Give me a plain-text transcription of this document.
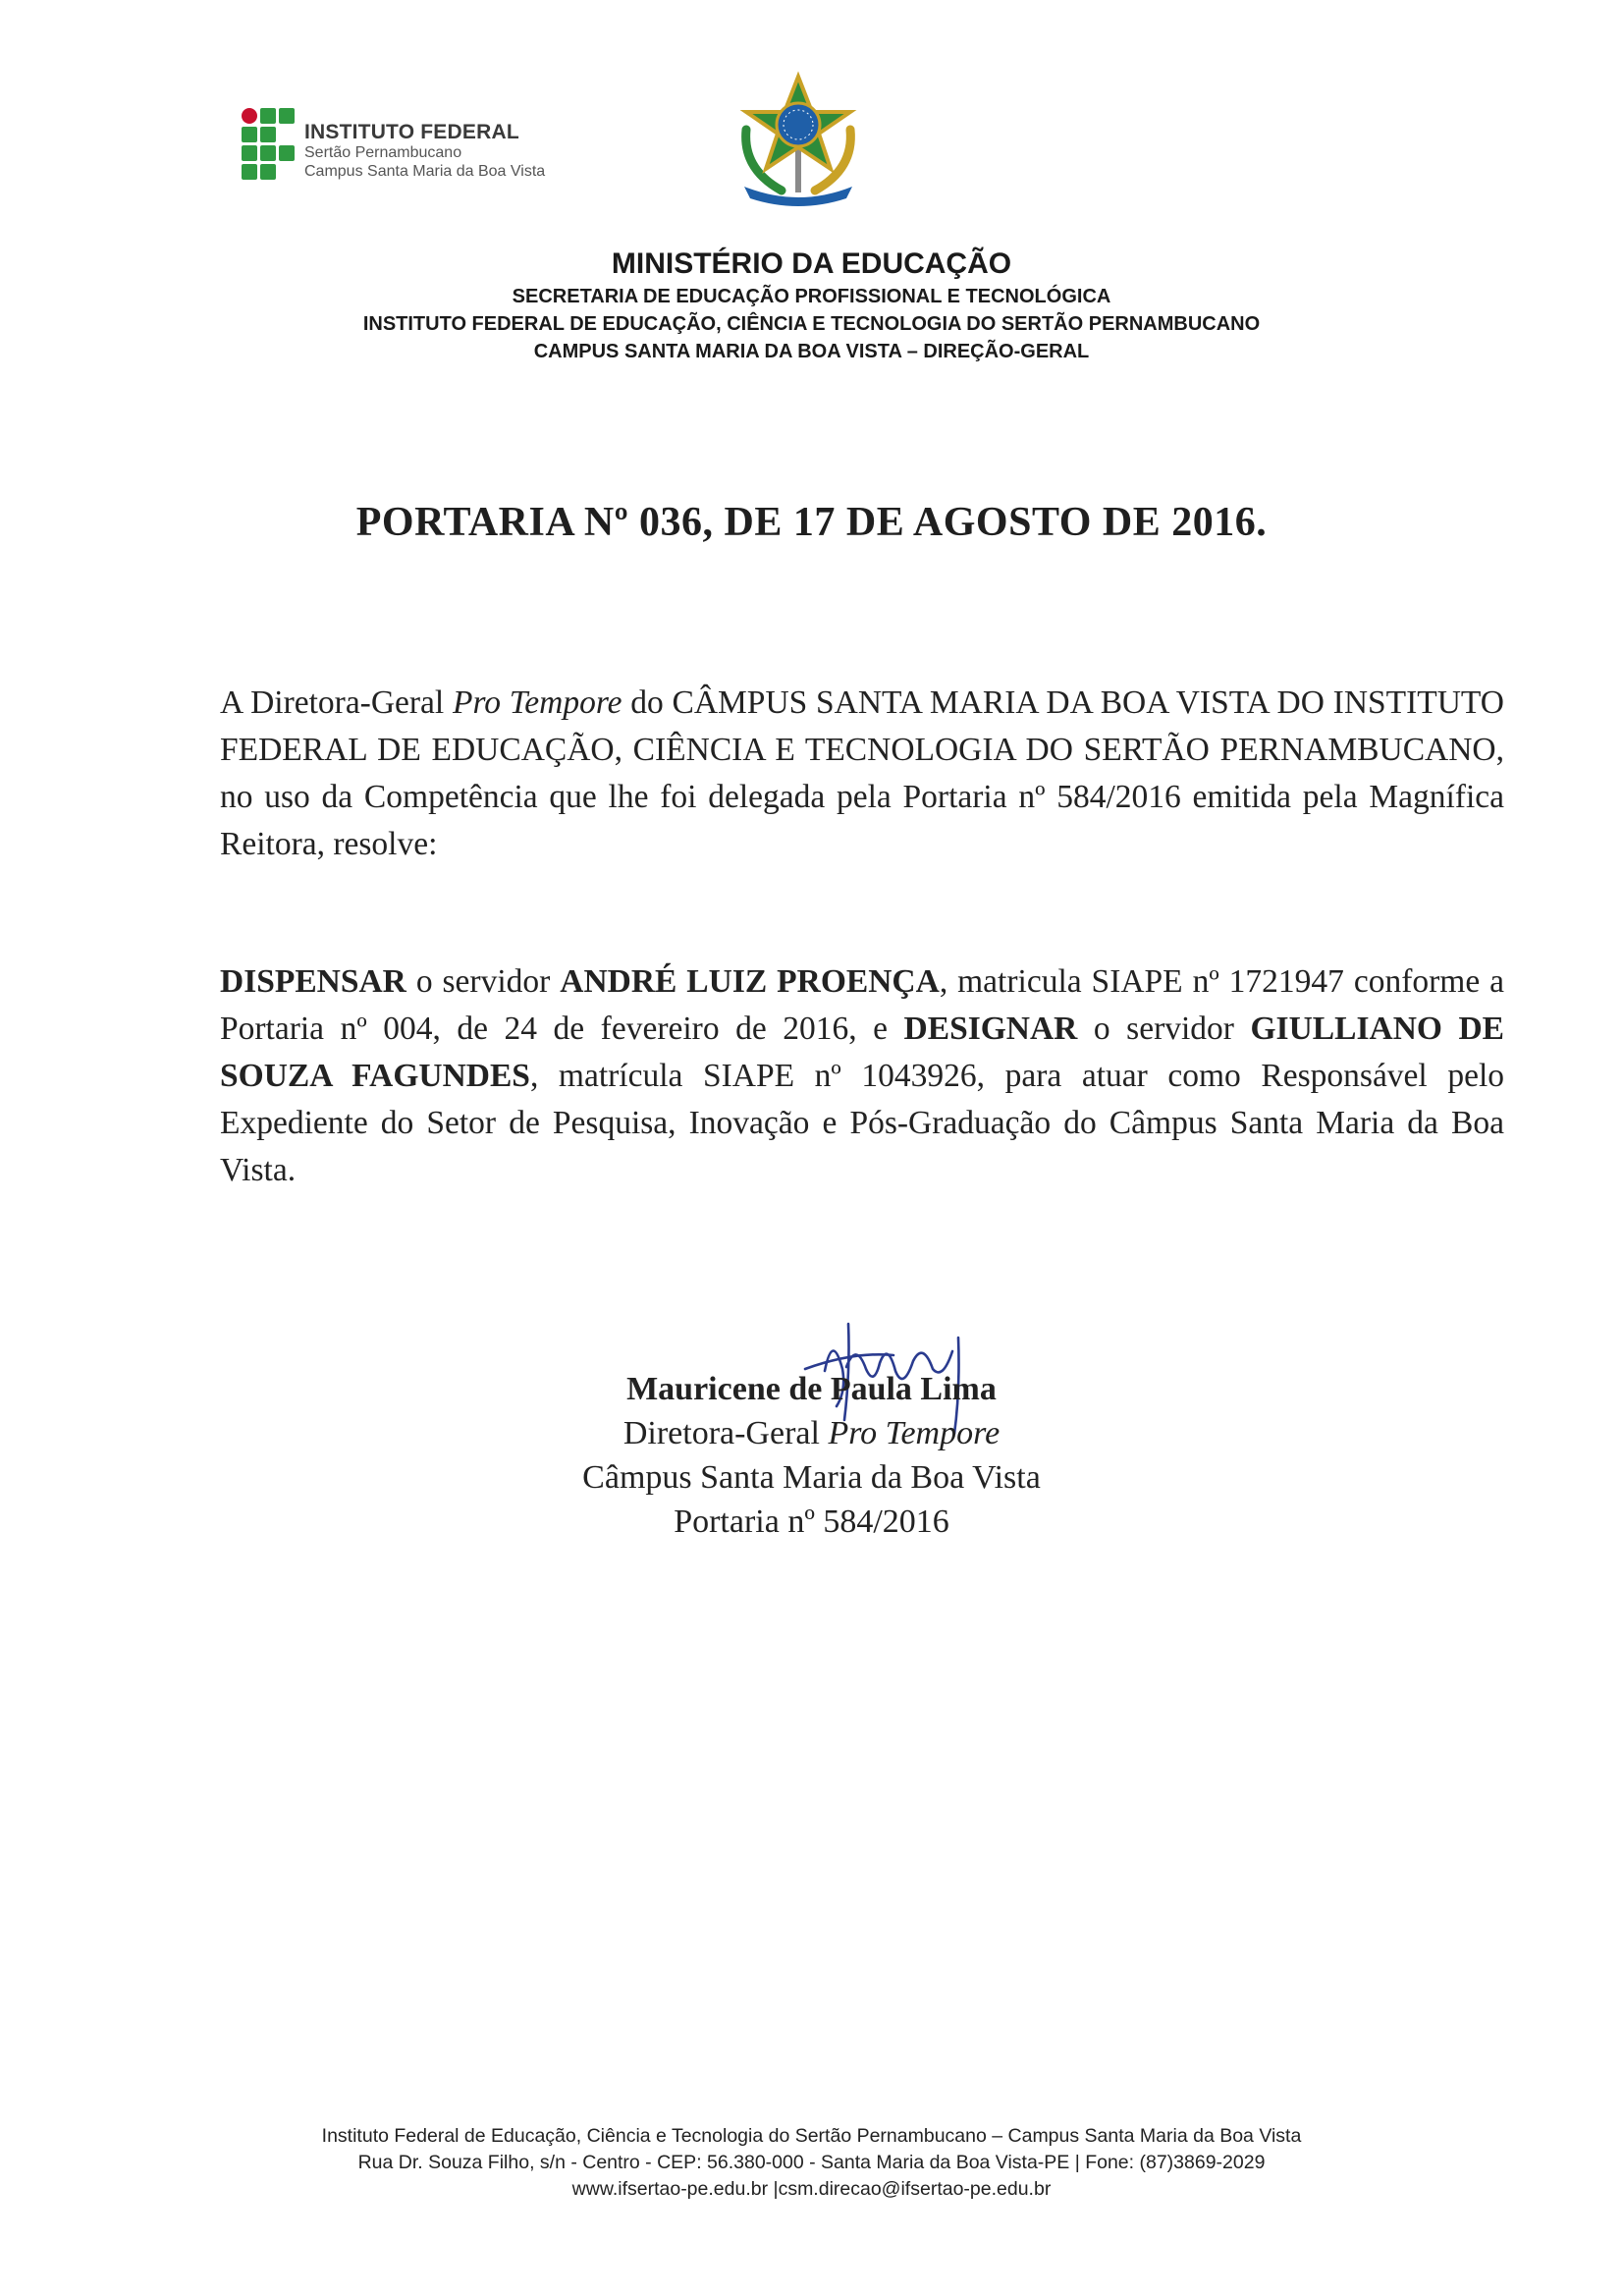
INSTITUTO FEDERAL
Sertão Pernambucano
Campus Santa Maria da Boa Vista
MINISTÉRIO DA EDUCAÇÃO
SECRETARIA DE EDUCAÇÃO PROFISSIONAL E TECNOLÓGICA
INSTITUTO FEDERAL DE EDUCAÇÃO, CIÊNCIA E TECNOLOGIA DO SERTÃO PERNAMBUCANO
CAMPUS SANTA MARIA DA BOA VISTA – DIREÇÃO-GERAL
PORTARIA Nº 036, DE 17 DE AGOSTO DE 2016.
A Diretora-Geral Pro Tempore do CÂMPUS SANTA MARIA DA BOA VISTA DO INSTITUTO FEDERAL DE EDUCAÇÃO, CIÊNCIA E TECNOLOGIA DO SERTÃO PERNAMBUCANO, no uso da Competência que lhe foi delegada pela Portaria nº 584/2016 emitida pela Magnífica Reitora, resolve:
DISPENSAR o servidor ANDRÉ LUIZ PROENÇA, matricula SIAPE nº 1721947 conforme a Portaria nº 004, de 24 de fevereiro de 2016, e DESIGNAR o servidor GIULLIANO DE SOUZA FAGUNDES, matrícula SIAPE nº 1043926, para atuar como Responsável pelo Expediente do Setor de Pesquisa, Inovação e Pós-Graduação do Câmpus Santa Maria da Boa Vista.
Mauricene de Paula Lima
Diretora-Geral Pro Tempore
Câmpus Santa Maria da Boa Vista
Portaria nº 584/2016
Instituto Federal de Educação, Ciência e Tecnologia do Sertão Pernambucano – Campus Santa Maria da Boa Vista
Rua Dr. Souza Filho, s/n - Centro - CEP: 56.380-000 - Santa Maria da Boa Vista-PE | Fone: (87)3869-2029
www.ifsertao-pe.edu.br |csm.direcao@ifsertao-pe.edu.br
